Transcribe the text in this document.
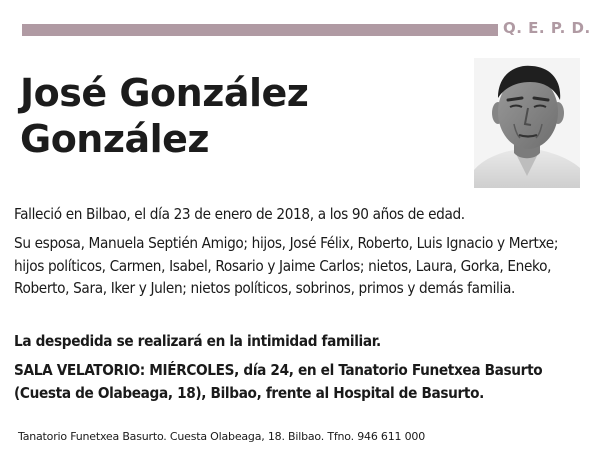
Q. E. P. D.
José González
González
Falleció en Bilbao, el día 23 de enero de 2018, a los 90 años de edad.
Su esposa, Manuela Septién Amigo; hijos, José Félix, Roberto, Luis Ignacio y Mertxe; hijos políticos, Carmen, Isabel, Rosario y Jaime Carlos; nietos, Laura, Gorka, Eneko, Roberto, Sara, Iker y Julen; nietos políticos, sobrinos, primos y demás familia.
La despedida se realizará en la intimidad familiar.
SALA VELATORIO: MIÉRCOLES, día 24, en el Tanatorio Funetxea Basurto (Cuesta de Olabeaga, 18), Bilbao, frente al Hospital de Basurto.
Tanatorio Funetxea Basurto. Cuesta Olabeaga, 18. Bilbao. Tfno. 946 611 000
